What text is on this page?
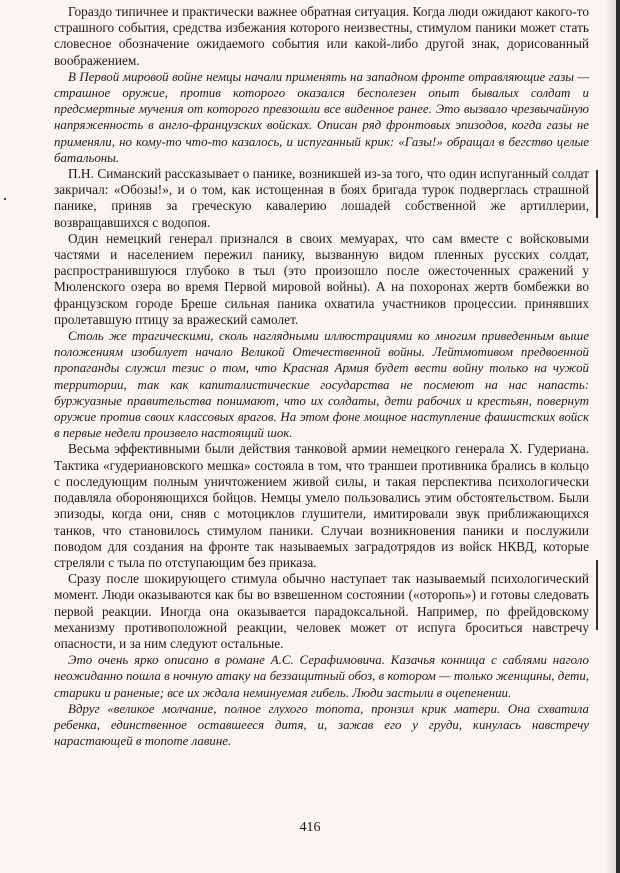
Гораздо типичнее и практически важнее обратная ситуация. Когда люди ожидают какого-то страшного события, средства избежания которого неизвестны, стимулом паники может стать словесное обозначение ожидаемого события или какой-либо другой знак, дорисованный воображением.

В Первой мировой войне немцы начали применять на западном фронте отравляющие газы — страшное оружие, против которого оказался бесполезен опыт бывалых солдат и предсмертные мучения от которого превзошли все виденное ранее. Это вызвало чрезвычайную напряженность в англо-французских войсках. Описан ряд фронтовых эпизодов, когда газы не применяли, но кому-то что-то казалось, и испуганный крик: «Газы!» обращал в бегство целые батальоны.

П.Н. Симанский рассказывает о панике, возникшей из-за того, что один испуганный солдат закричал: «Обозы!», и о том, как истощенная в боях бригада турок подверглась страшной панике, приняв за греческую кавалерию лошадей собственной же артиллерии, возвращавшихся с водопоя.

Один немецкий генерал признался в своих мемуарах, что сам вместе с войсковыми частями и населением пережил панику, вызванную видом пленных русских солдат, распространившуюся глубоко в тыл (это произошло после ожесточенных сражений у Мюленского озера во время Первой мировой войны). А на похоронах жертв бомбежки во французском городе Бреше сильная паника охватила участников процессии. принявших пролетавшую птицу за вражеский самолет.

Столь же трагическими, сколь наглядными иллюстрациями ко многим приведенным выше положениям изобилует начало Великой Отечественной войны. Лейтмотивом предвоенной пропаганды служил тезис о том, что Красная Армия будет вести войну только на чужой территории, так как капиталистические государства не посмеют на нас напасть: буржуазные правительства понимают, что их солдаты, дети рабочих и крестьян, повернут оружие против своих классовых врагов. На этом фоне мощное наступление фашистских войск в первые недели произвело настоящий шок.

Весьма эффективными были действия танковой армии немецкого генерала Х. Гудериана. Тактика «гудериановского мешка» состояла в том, что траншеи противника брались в кольцо с последующим полным уничтожением живой силы, и такая перспектива психологически подавляла обороняющихся бойцов. Немцы умело пользовались этим обстоятельством. Были эпизоды, когда они, сняв с мотоциклов глушители, имитировали звук приближающихся танков, что становилось стимулом паники. Случаи возникновения паники и послужили поводом для создания на фронте так называемых заградотрядов из войск НКВД, которые стреляли с тыла по отступающим без приказа.

Сразу после шокирующего стимула обычно наступает так называемый психологический момент. Люди оказываются как бы во взвешенном состоянии («оторопь») и готовы следовать первой реакции. Иногда она оказывается парадоксальной. Например, по фрейдовскому механизму противоположной реакции, человек может от испуга броситься навстречу опасности, и за ним следуют остальные.

Это очень ярко описано в романе А.С. Серафимовича. Казачья конница с саблями наголо неожиданно пошла в ночную атаку на беззащитный обоз, в котором — только женщины, дети, старики и раненые; все их ждала неминуемая гибель. Люди застыли в оцепенении.

Вдруг «великое молчание, полное глухого топота, пронзил крик матери. Она схватила ребенка, единственное оставшееся дитя, и, зажав его у груди, кинулась навстречу нарастающей в топоте лавине.

416
